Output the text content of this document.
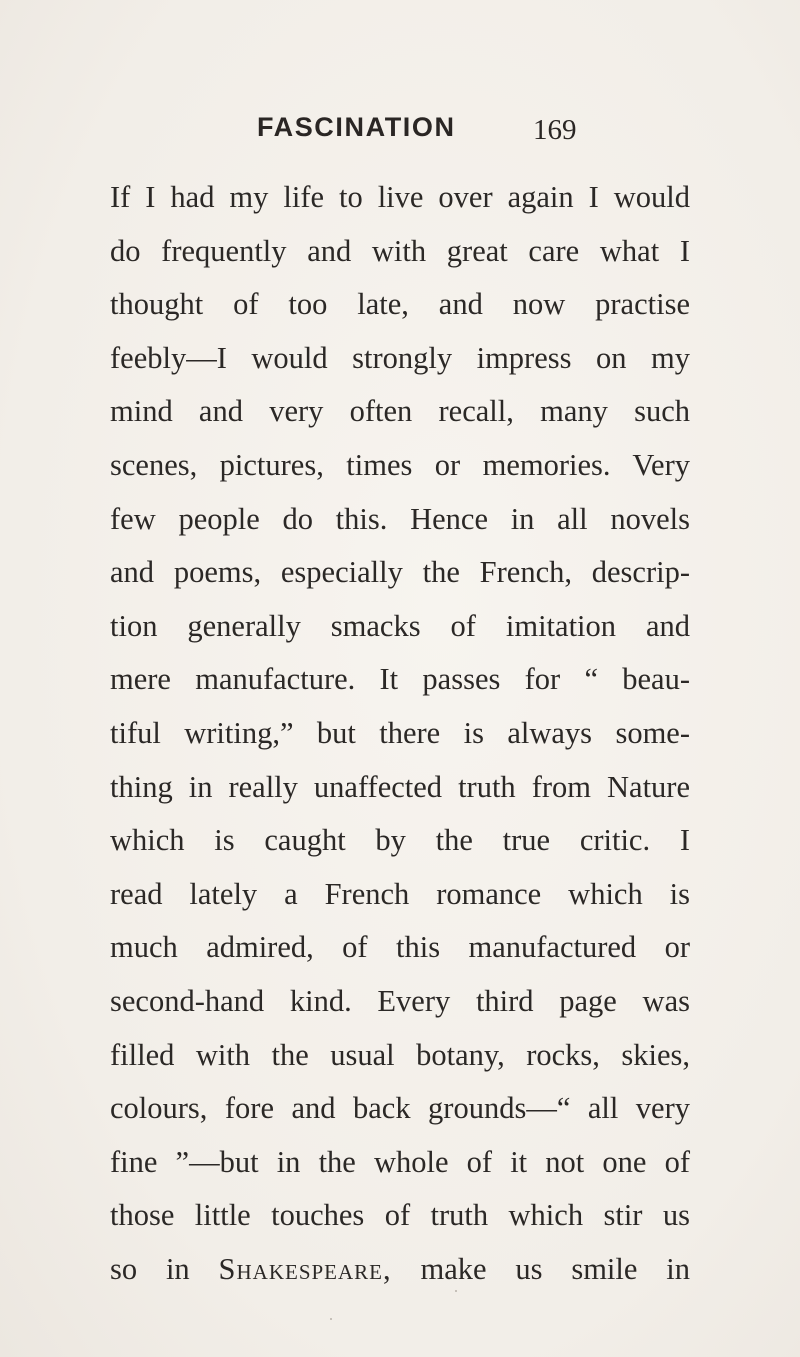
FASCINATION	169
If I had my life to live over again I would
do frequently and with great care what I
thought of too late, and now practise
feebly—I would strongly impress on my
mind and very often recall, many such
scenes, pictures, times or memories. Very
few people do this. Hence in all novels
and poems, especially the French, descrip-
tion generally smacks of imitation and
mere manufacture. It passes for “ beau-
tiful writing,” but there is always some-
thing in really unaffected truth from Nature
which is caught by the true critic. I
read lately a French romance which is
much admired, of this manufactured or
second-hand kind. Every third page was
filled with the usual botany, rocks, skies,
colours, fore and back grounds—“ all very
fine ”—but in the whole of it not one of
those little touches of truth which stir us
so in Shakespeare, make us smile in
